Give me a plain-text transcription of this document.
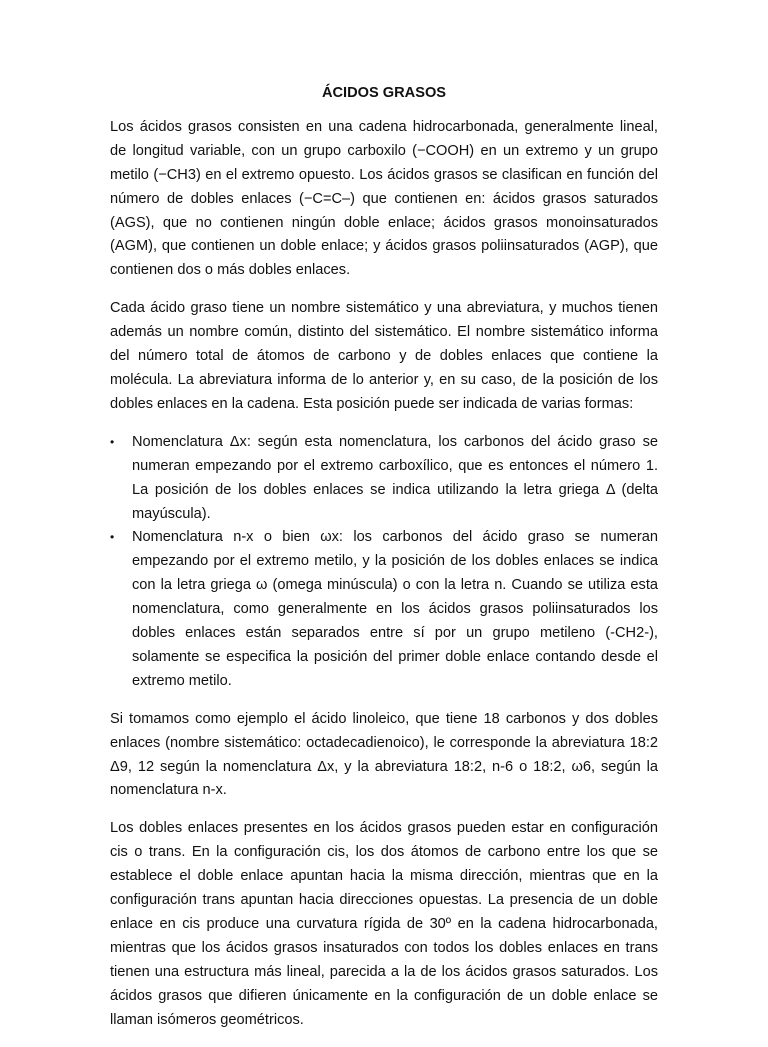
ÁCIDOS GRASOS

Los ácidos grasos consisten en una cadena hidrocarbonada, generalmente lineal, de longitud variable, con un grupo carboxilo (−COOH) en un extremo y un grupo metilo (−CH3) en el extremo opuesto. Los ácidos grasos se clasifican en función del número de dobles enlaces (−C=C–) que contienen en: ácidos grasos saturados (AGS), que no contienen ningún doble enlace; ácidos grasos monoinsaturados (AGM), que contienen un doble enlace; y ácidos grasos poliinsaturados (AGP), que contienen dos o más dobles enlaces.

Cada ácido graso tiene un nombre sistemático y una abreviatura, y muchos tienen además un nombre común, distinto del sistemático. El nombre sistemático informa del número total de átomos de carbono y de dobles enlaces que contiene la molécula. La abreviatura informa de lo anterior y, en su caso, de la posición de los dobles enlaces en la cadena. Esta posición puede ser indicada de varias formas:

• Nomenclatura Δx: según esta nomenclatura, los carbonos del ácido graso se numeran empezando por el extremo carboxílico, que es entonces el número 1. La posición de los dobles enlaces se indica utilizando la letra griega Δ (delta mayúscula).
• Nomenclatura n-x o bien ωx: los carbonos del ácido graso se numeran empezando por el extremo metilo, y la posición de los dobles enlaces se indica con la letra griega ω (omega minúscula) o con la letra n. Cuando se utiliza esta nomenclatura, como generalmente en los ácidos grasos poliinsaturados los dobles enlaces están separados entre sí por un grupo metileno (-CH2-), solamente se especifica la posición del primer doble enlace contando desde el extremo metilo.

Si tomamos como ejemplo el ácido linoleico, que tiene 18 carbonos y dos dobles enlaces (nombre sistemático: octadecadienoico), le corresponde la abreviatura 18:2 Δ9, 12 según la nomenclatura Δx, y la abreviatura 18:2, n-6 o 18:2, ω6, según la nomenclatura n-x.

Los dobles enlaces presentes en los ácidos grasos pueden estar en configuración cis o trans. En la configuración cis, los dos átomos de carbono entre los que se establece el doble enlace apuntan hacia la misma dirección, mientras que en la configuración trans apuntan hacia direcciones opuestas. La presencia de un doble enlace en cis produce una curvatura rígida de 30º en la cadena hidrocarbonada, mientras que los ácidos grasos insaturados con todos los dobles enlaces en trans tienen una estructura más lineal, parecida a la de los ácidos grasos saturados. Los ácidos grasos que difieren únicamente en la configuración de un doble enlace se llaman isómeros geométricos.
